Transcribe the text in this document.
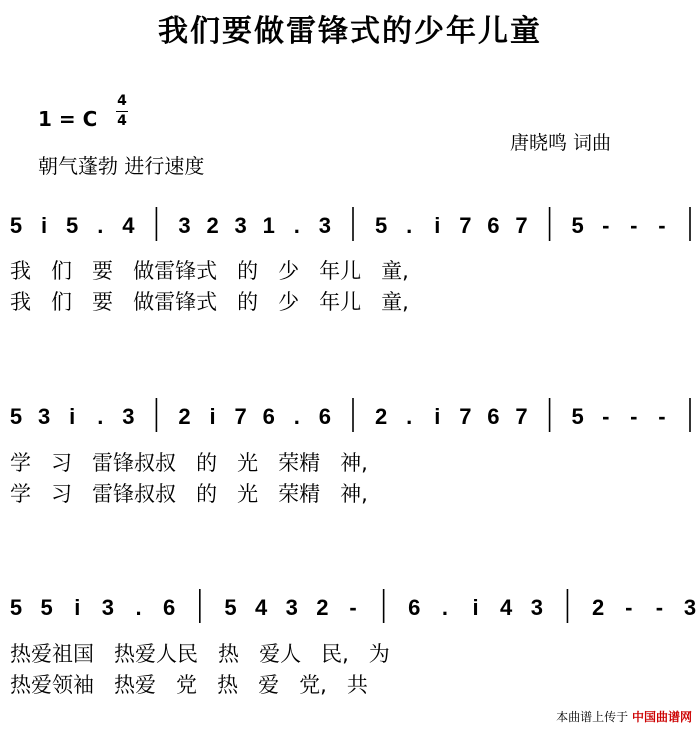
我们要做雷锋式的少年儿童
1 = C
4
4
朝气蓬勃 进行速度
唐晓鸣 词曲
5 i 5 . 4 3 2 3 1 . 3 5 . i 7 6 7 5 - - -
5 3 i . 3 2 i 7 6 . 6 2 . i 7 6 7 5 - - -
5 5 i 3 . 6 5 4 3 2 - 6 . i 4 3 2 - - 3
我   们   要   做雷锋式   的   少   年儿   童,
我   们   要   做雷锋式   的   少   年儿   童,
学   习   雷锋叔叔   的   光   荣精   神,
学   习   雷锋叔叔   的   光   荣精   神,
热爱祖国   热爱人民   热   爱人   民,   为
热爱领袖   热爱   党   热   爱   党,   共
本曲谱上传于 中国曲谱网
